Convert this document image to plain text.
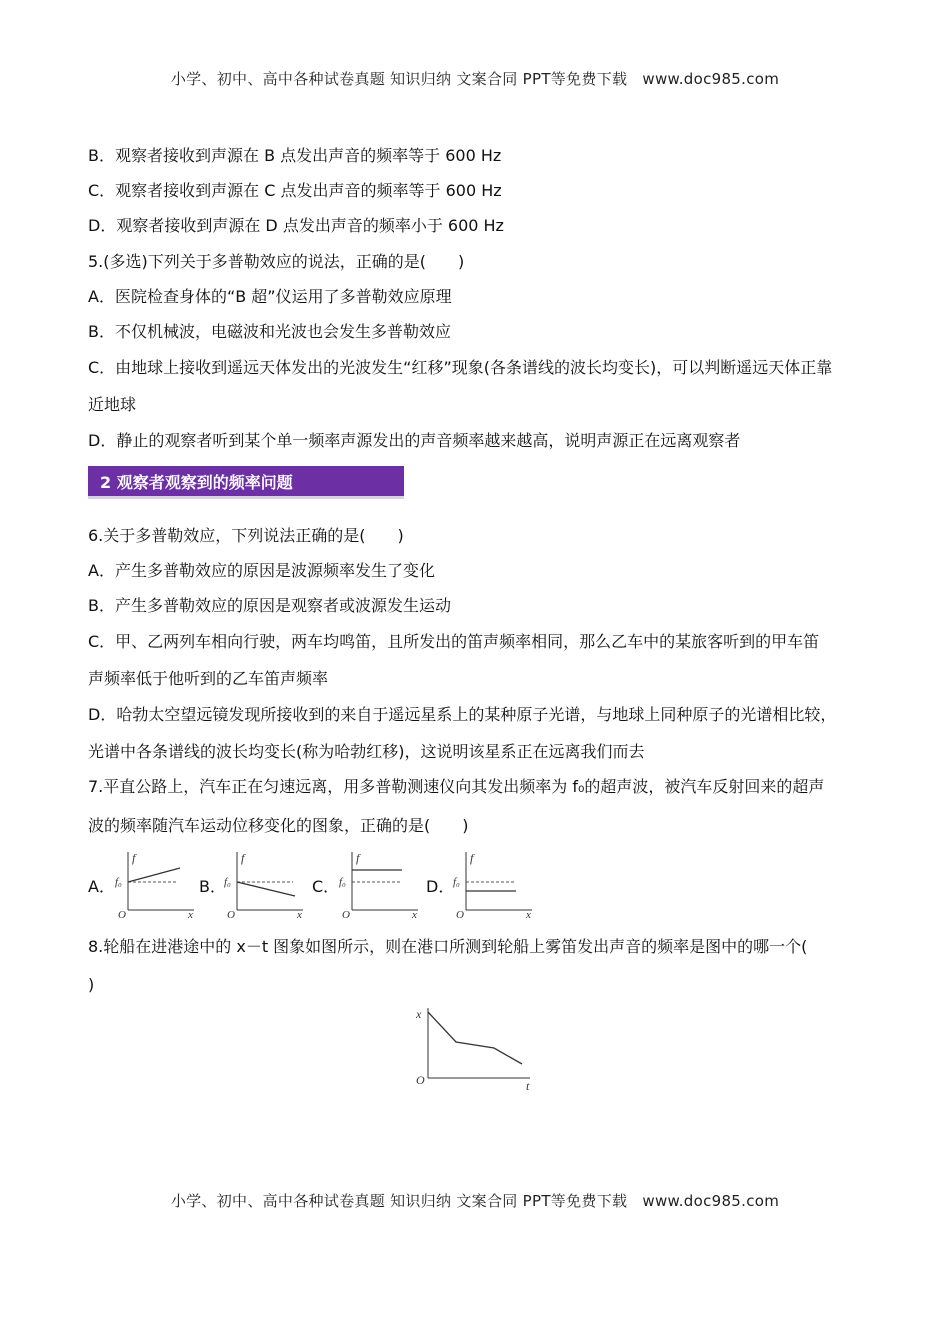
小学、初中、高中各种试卷真题 知识归纳 文案合同 PPT等免费下载 www.doc985.com
B．观察者接收到声源在 B 点发出声音的频率等于 600 Hz
C．观察者接收到声源在 C 点发出声音的频率等于 600 Hz
D．观察者接收到声源在 D 点发出声音的频率小于 600 Hz
5.(多选)下列关于多普勒效应的说法，正确的是(　　)
A．医院检查身体的“B 超”仪运用了多普勒效应原理
B．不仅机械波，电磁波和光波也会发生多普勒效应
C．由地球上接收到遥远天体发出的光波发生“红移”现象(各条谱线的波长均变长)，可以判断遥远天体正靠
近地球
D．静止的观察者听到某个单一频率声源发出的声音频率越来越高，说明声源正在远离观察者
2 观察者观察到的频率问题
6.关于多普勒效应，下列说法正确的是(　　)
A．产生多普勒效应的原因是波源频率发生了变化
B．产生多普勒效应的原因是观察者或波源发生运动
C．甲、乙两列车相向行驶，两车均鸣笛，且所发出的笛声频率相同，那么乙车中的某旅客听到的甲车笛
声频率低于他听到的乙车笛声频率
D．哈勃太空望远镜发现所接收到的来自于遥远星系上的某种原子光谱，与地球上同种原子的光谱相比较，
光谱中各条谱线的波长均变长(称为哈勃红移)，这说明该星系正在远离我们而去
7.平直公路上，汽车正在匀速远离，用多普勒测速仪向其发出频率为 f₀的超声波，被汽车反射回来的超声
波的频率随汽车运动位移变化的图象，正确的是(　　)
A．
f
x
O
f₀	B．
f
x
O
f₀	C．
f
x
O
f₀	D．
f
x
O
f₀
8.轮船在进港途中的 x－t 图象如图所示，则在港口所测到轮船上雾笛发出声音的频率是图中的哪一个(
)
x
t
O
小学、初中、高中各种试卷真题 知识归纳 文案合同 PPT等免费下载 www.doc985.com
